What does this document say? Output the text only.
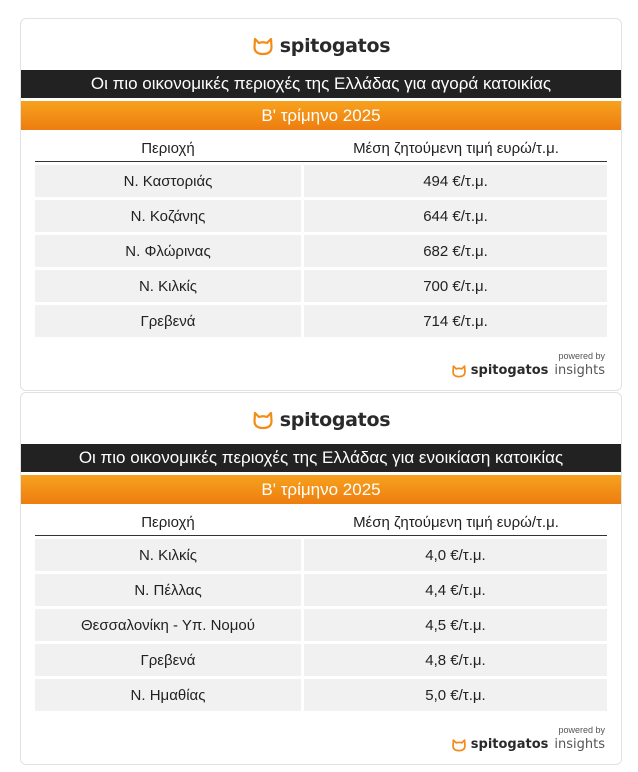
spitogatos
Οι πιο οικονομικές περιοχές της Ελλάδας για αγορά κατοικίας
Β' τρίμηνο 2025
Περιοχή	Μέση ζητούμενη τιμή ευρώ/τ.μ.
Ν. Καστοριάς	494 €/τ.μ.
Ν. Κοζάνης	644 €/τ.μ.
Ν. Φλώρινας	682 €/τ.μ.
Ν. Κιλκίς	700 €/τ.μ.
Γρεβενά	714 €/τ.μ.
powered by
spitogatos insights
spitogatos
Οι πιο οικονομικές περιοχές της Ελλάδας για ενοικίαση κατοικίας
Β' τρίμηνο 2025
Περιοχή	Μέση ζητούμενη τιμή ευρώ/τ.μ.
Ν. Κιλκίς	4,0 €/τ.μ.
Ν. Πέλλας	4,4 €/τ.μ.
Θεσσαλονίκη - Υπ. Νομού	4,5 €/τ.μ.
Γρεβενά	4,8 €/τ.μ.
Ν. Ημαθίας	5,0 €/τ.μ.
powered by
spitogatos insights
